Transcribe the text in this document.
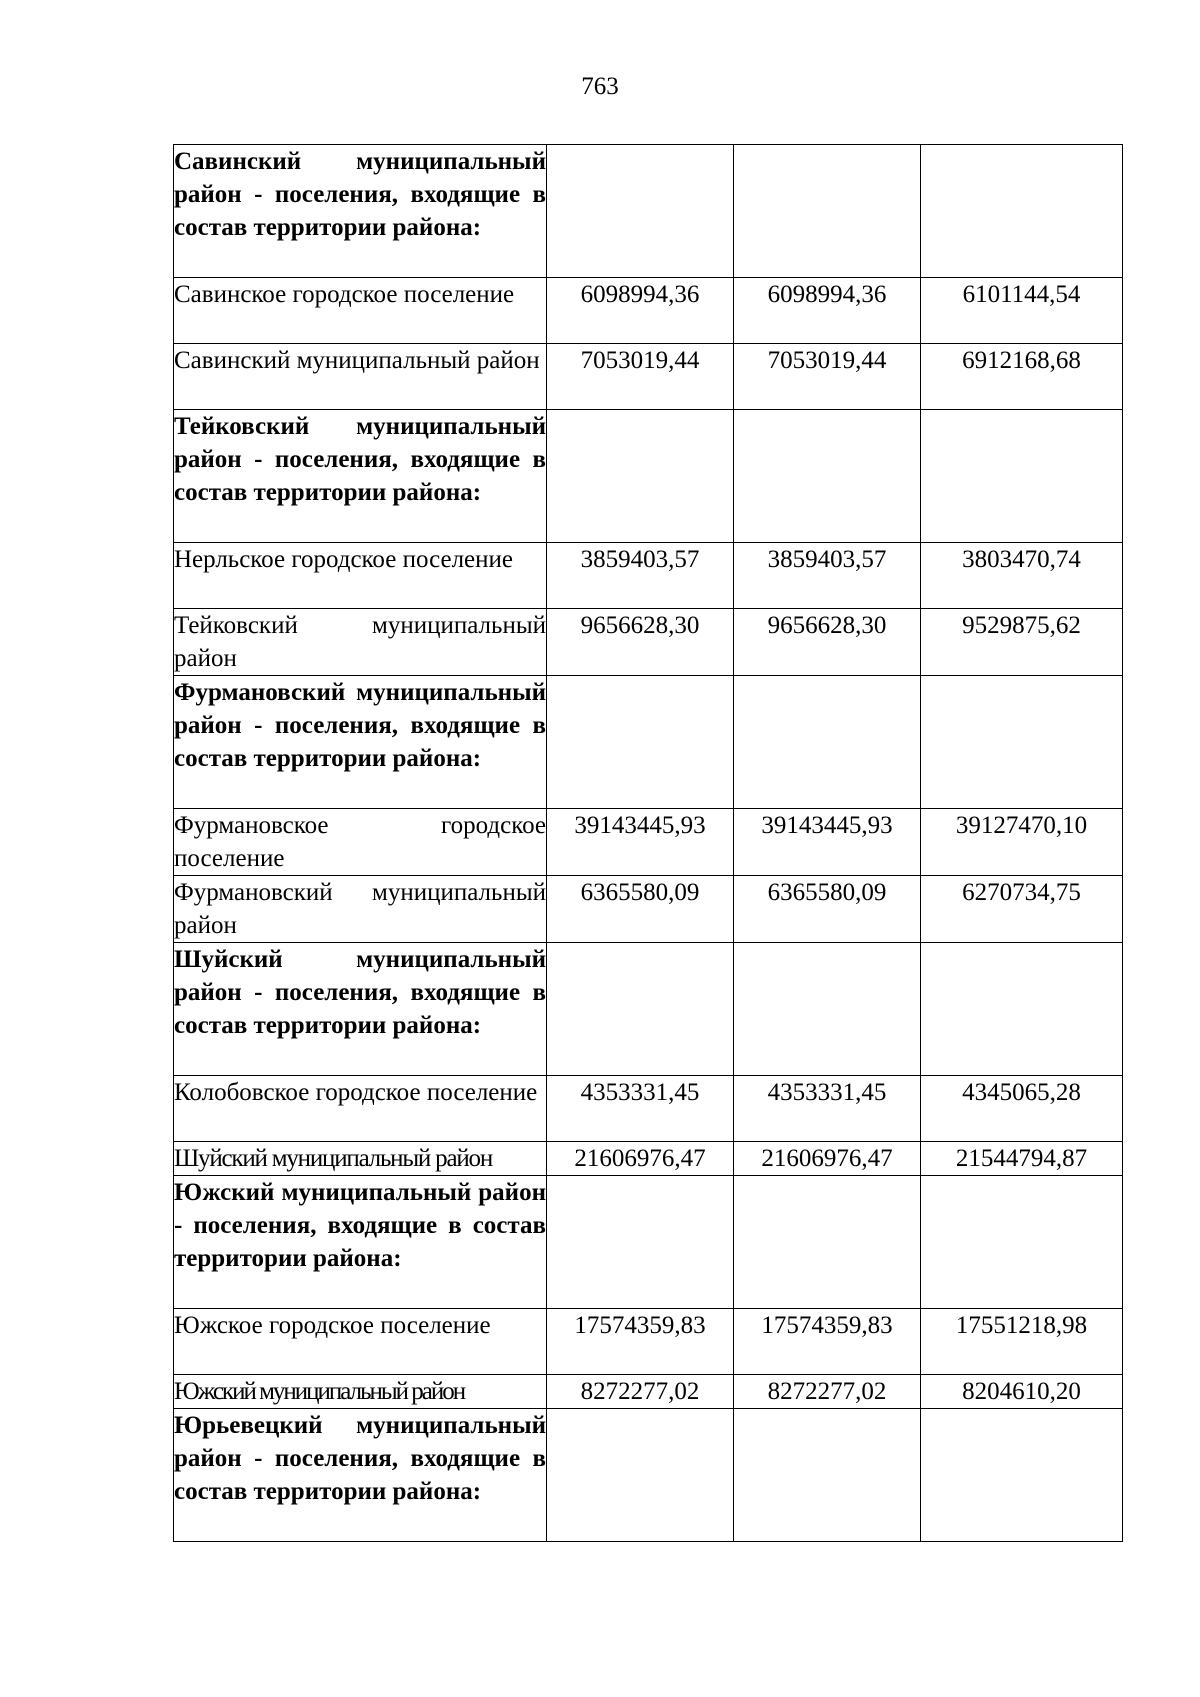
763
Савинский муниципальный район - поселения, входящие в состав территории района:			
Савинское городское поселение	6098994,36	6098994,36	6101144,54
Савинский муниципальный район	7053019,44	7053019,44	6912168,68
Тейковский муниципальный район - поселения, входящие в состав территории района:			
Нерльское городское поселение	3859403,57	3859403,57	3803470,74
Тейковский муниципальный район	9656628,30	9656628,30	9529875,62
Фурмановский муниципальный район - поселения, входящие в состав территории района:			
Фурмановское городское поселение	39143445,93	39143445,93	39127470,10
Фурмановский муниципальный район	6365580,09	6365580,09	6270734,75
Шуйский муниципальный район - поселения, входящие в состав территории района:			
Колобовское городское поселение	4353331,45	4353331,45	4345065,28
Шуйский муниципальный район	21606976,47	21606976,47	21544794,87
Южский муниципальный район - поселения, входящие в состав территории района:			
Южское городское поселение	17574359,83	17574359,83	17551218,98
Южский муниципальный район	8272277,02	8272277,02	8204610,20
Юрьевецкий муниципальный район - поселения, входящие в состав территории района:			
